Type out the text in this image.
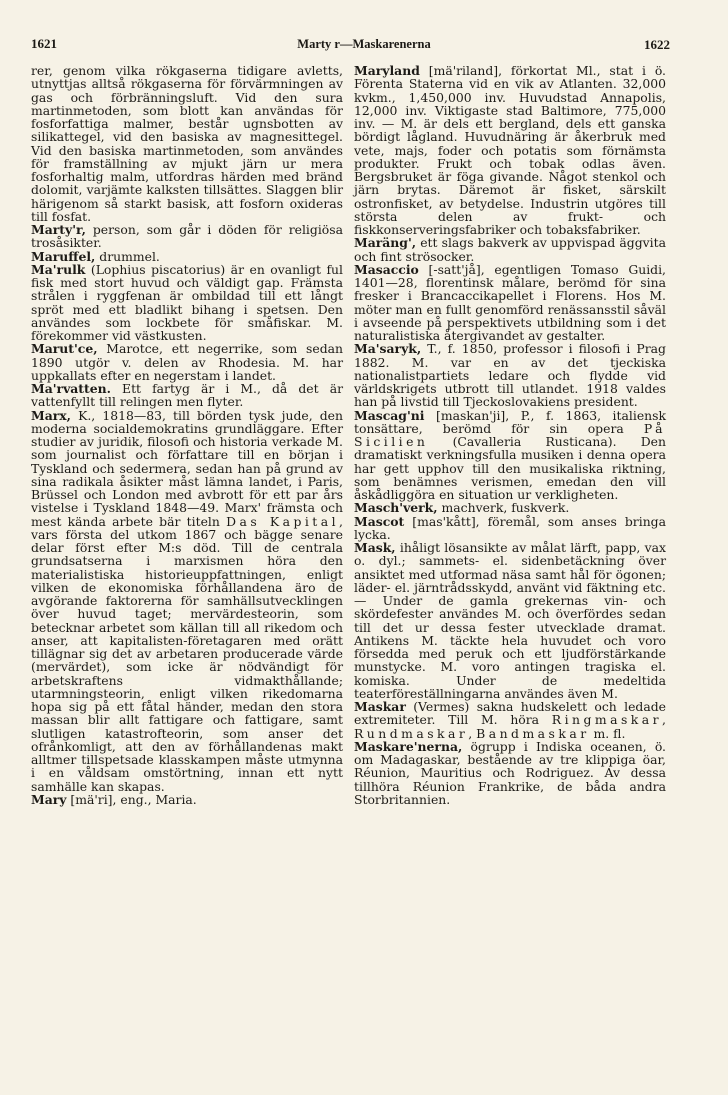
1621	Marty r—Maskarenerna	1622

rer, genom vilka rökgaserna tidigare avletts, utnyttjas alltså rökgaserna för förvärmningen av gas och förbränningsluft. Vid den sura martinmetoden, som blott kan användas för fosforfattiga malmer, består ugnsbotten av silikattegel, vid den basiska av magnesittegel. Vid den basiska martinmetoden, som användes för framställning av mjukt järn ur mera fosforhaltig malm, utfordras härden med bränd dolomit, varjämte kalksten tillsättes. Slaggen blir härigenom så starkt basisk, att fosforn oxideras till fosfat.

Marty'r, person, som går i döden för religiösa trosåsikter.

Maruffel, drummel.

Ma'rulk (Lophius piscatorius) är en ovanligt ful fisk med stort huvud och väldigt gap. Främsta strålen i ryggfenan är ombildad till ett långt spröt med ett bladlikt bihang i spetsen. Den användes som lockbete för småfiskar. M. förekommer vid västkusten.

Marut'ce, Marotce, ett negerrike, som sedan 1890 utgör v. delen av Rhodesia. M. har uppkallats efter en negerstam i landet.

Ma'rvatten. Ett fartyg är i M., då det är vattenfyllt till relingen men flyter.

Marx, K., 1818—83, till börden tysk jude, den moderna socialdemokratins grundläggare. Efter studier av juridik, filosofi och historia verkade M. som journalist och författare till en början i Tyskland och sedermera, sedan han på grund av sina radikala åsikter måst lämna landet, i Paris, Brüssel och London med avbrott för ett par års vistelse i Tyskland 1848—49. Marx' främsta och mest kända arbete bär titeln Das Kapital, vars första del utkom 1867 och bägge senare delar först efter M:s död. Till de centrala grundsatserna i marxismen höra den materialistiska historieuppfattningen, enligt vilken de ekonomiska förhållandena äro de avgörande faktorerna för samhällsutvecklingen över huvud taget; mervärdesteorin, som betecknar arbetet som källan till all rikedom och anser, att kapitalisten-företagaren med orätt tillägnar sig det av arbetaren producerade värde (mervärdet), som icke är nödvändigt för arbetskraftens vidmakthållande; utarmningsteorin, enligt vilken rikedomarna hopa sig på ett fåtal händer, medan den stora massan blir allt fattigare och fattigare, samt slutligen katastrofteorin, som anser det ofrånkomligt, att den av förhållandenas makt alltmer tillspetsade klasskampen måste utmynna i en våldsam omstörtning, innan ett nytt samhälle kan skapas.

Mary [mä'ri], eng., Maria.

Maryland [mä'riland], förkortat Ml., stat i ö. Förenta Staterna vid en vik av Atlanten. 32,000 kvkm., 1,450,000 inv. Huvudstad Annapolis, 12,000 inv. Viktigaste stad Baltimore, 775,000 inv. — M. är dels ett bergland, dels ett ganska bördigt lågland. Huvudnäring är åkerbruk med vete, majs, foder och potatis som förnämsta produkter. Frukt och tobak odlas även. Bergsbruket är föga givande. Något stenkol och järn brytas. Däremot är fisket, särskilt ostronfisket, av betydelse. Industrin utgöres till största delen av frukt- och fiskkonserveringsfabriker och tobaksfabriker.

Maräng', ett slags bakverk av uppvispad äggvita och fint strösocker.

Masaccio [-satt'jå], egentligen Tomaso Guidi, 1401—28, florentinsk målare, berömd för sina fresker i Brancaccikapellet i Florens. Hos M. möter man en fullt genomförd renässansstil såväl i avseende på perspektivets utbildning som i det naturalistiska återgivandet av gestalter.

Ma'saryk, T., f. 1850, professor i filosofi i Prag 1882. M. var en av det tjeckiska nationalistpartiets ledare och flydde vid världskrigets utbrott till utlandet. 1918 valdes han på livstid till Tjeckoslovakiens president.

Mascag'ni [maskan'ji], P., f. 1863, italiensk tonsättare, berömd för sin opera På Sicilien (Cavalleria Rusticana). Den dramatiskt verkningsfulla musiken i denna opera har gett upphov till den musikaliska riktning, som benämnes verismen, emedan den vill åskådliggöra en situation ur verkligheten.

Masch'verk, machverk, fuskverk.

Mascot [mas'kått], föremål, som anses bringa lycka.

Mask, ihåligt lösansikte av målat lärft, papp, vax o. dyl.; sammets- el. sidenbetäckning över ansiktet med utformad näsa samt hål för ögonen; läder- el. järntrådsskydd, använt vid fäktning etc. — Under de gamla grekernas vin- och skördefester användes M. och överfördes sedan till det ur dessa fester utvecklade dramat. Antikens M. täckte hela huvudet och voro försedda med peruk och ett ljudförstärkande munstycke. M. voro antingen tragiska el. komiska. Under de medeltida teaterföreställningarna användes även M.

Maskar (Vermes) sakna hudskelett och ledade extremiteter. Till M. höra Ringmaskar, Rundmaskar, Bandmaskar m. fl.

Maskare'nerna, ögrupp i Indiska oceanen, ö. om Madagaskar, bestående av tre klippiga öar, Réunion, Mauritius och Rodriguez. Av dessa tillhöra Réunion Frankrike, de båda andra Storbritannien.
